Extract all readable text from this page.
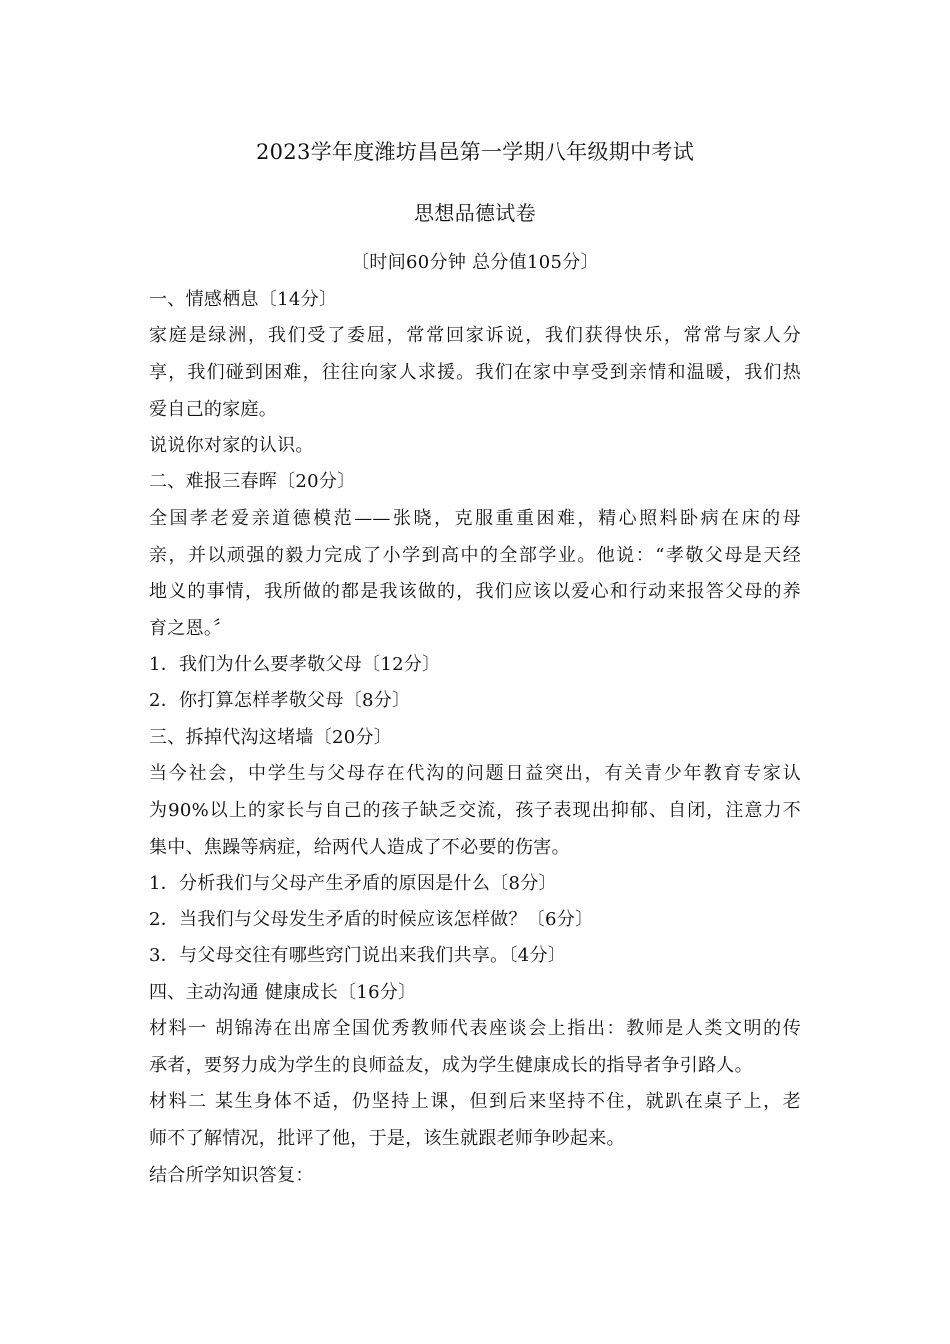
2023学年度潍坊昌邑第一学期八年级期中考试
思想品德试卷
〔时间60分钟 总分值105分〕
一、情感栖息〔14分〕
家庭是绿洲，我们受了委屈，常常回家诉说，我们获得快乐，常常与家人分
享，我们碰到困难，往往向家人求援。我们在家中享受到亲情和温暖，我们热
爱自己的家庭。
说说你对家的认识。
二、难报三春晖〔20分〕
全国孝老爱亲道德模范——张晓，克服重重困难，精心照料卧病在床的母
亲，并以顽强的毅力完成了小学到高中的全部学业。他说：“孝敬父母是天经
地义的事情，我所做的都是我该做的，我们应该以爱心和行动来报答父母的养
育之恩。〞
1．我们为什么要孝敬父母〔12分〕
2．你打算怎样孝敬父母〔8分〕
三、拆掉代沟这堵墙〔20分〕
当今社会，中学生与父母存在代沟的问题日益突出，有关青少年教育专家认
为90%以上的家长与自己的孩子缺乏交流，孩子表现出抑郁、自闭，注意力不
集中、焦躁等病症，给两代人造成了不必要的伤害。
1．分析我们与父母产生矛盾的原因是什么〔8分〕
2．当我们与父母发生矛盾的时候应该怎样做？〔6分〕
3．与父母交往有哪些窍门说出来我们共享。〔4分〕
四、主动沟通 健康成长〔16分〕
材料一 胡锦涛在出席全国优秀教师代表座谈会上指出：教师是人类文明的传
承者，要努力成为学生的良师益友，成为学生健康成长的指导者争引路人。
材料二 某生身体不适，仍坚持上课，但到后来坚持不住，就趴在桌子上，老
师不了解情况，批评了他，于是，该生就跟老师争吵起来。
结合所学知识答复：
